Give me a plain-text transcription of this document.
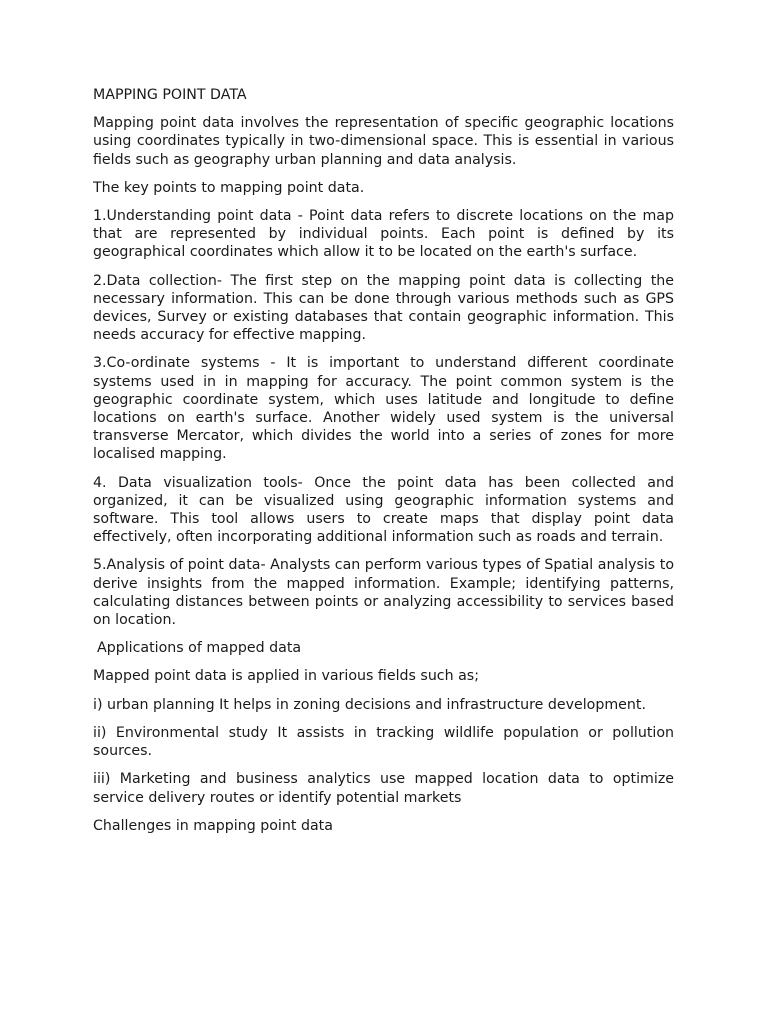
MAPPING POINT DATA

Mapping point data involves the representation of specific geographic locations using coordinates typically in two-dimensional space. This is essential in various fields such as geography urban planning and data analysis.

The key points to mapping point data.

1.Understanding point data - Point data refers to discrete locations on the map that are represented by individual points. Each point is defined by its geographical coordinates which allow it to be located on the earth's surface.

2.Data collection- The first step on the mapping point data is collecting the necessary information. This can be done through various methods such as GPS devices, Survey or existing databases that contain geographic information. This needs accuracy for effective mapping.

3.Co-ordinate systems - It is important to understand different coordinate systems used in in mapping for accuracy. The point common system is the geographic coordinate system, which uses latitude and longitude to define locations on earth's surface. Another widely used system is the universal transverse Mercator, which divides the world into a series of zones for more localised mapping.

4. Data visualization tools- Once the point data has been collected and organized, it can be visualized using geographic information systems and software. This tool allows users to create maps that display point data effectively, often incorporating additional information such as roads and terrain.

5.Analysis of point data- Analysts can perform various types of Spatial analysis to derive insights from the mapped information. Example; identifying patterns, calculating distances between points or analyzing accessibility to services based on location.

Applications of mapped data

Mapped point data is applied in various fields such as;

i) urban planning It helps in zoning decisions and infrastructure development.

ii) Environmental study It assists in tracking wildlife population or pollution sources.

iii) Marketing and business analytics use mapped location data to optimize service delivery routes or identify potential markets

Challenges in mapping point data
